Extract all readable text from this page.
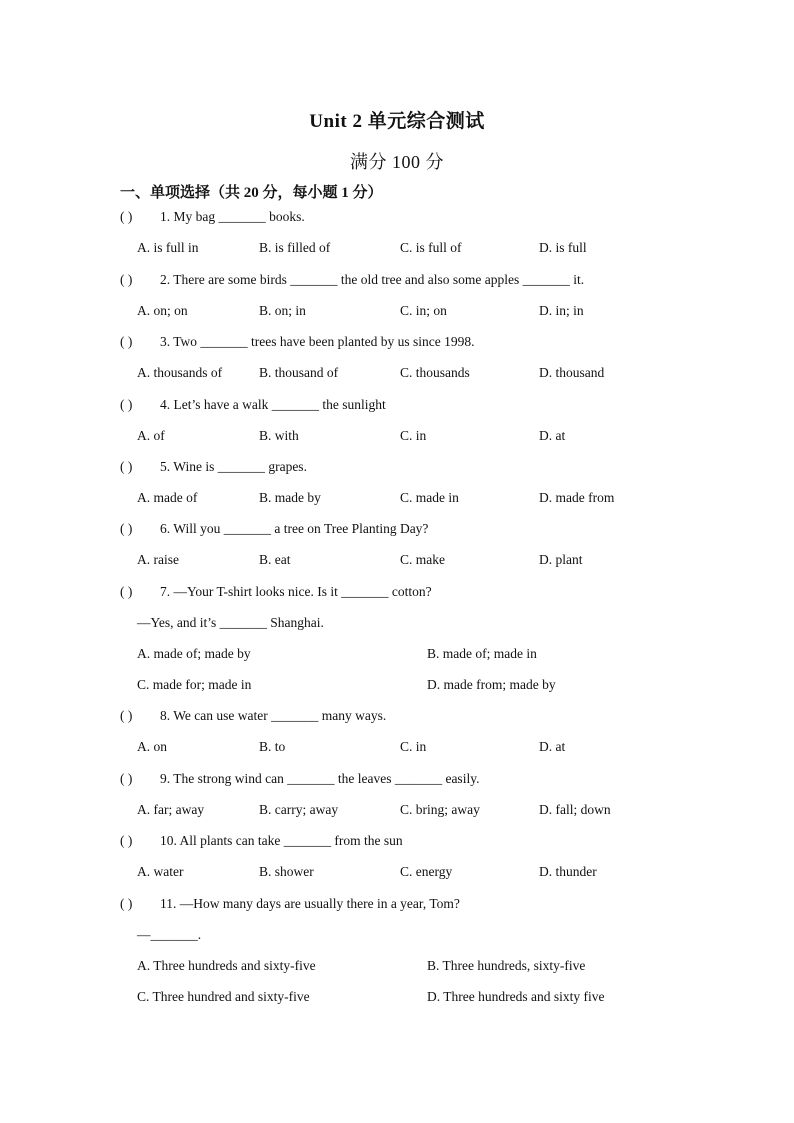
Unit 2 单元综合测试
满分 100 分
一、单项选择（共 20 分，每小题 1 分）
( ) 1. My bag _______ books.
A. is full in	B. is filled of	C. is full of	D. is full
( ) 2. There are some birds _______ the old tree and also some apples _______ it.
A. on; on	B. on; in	C. in; on	D. in; in
( ) 3. Two _______ trees have been planted by us since 1998.
A. thousands of	B. thousand of	C. thousands	D. thousand
( ) 4. Let’s have a walk _______ the sunlight
A. of	B. with	C. in	D. at
( ) 5. Wine is _______ grapes.
A. made of	B. made by	C. made in	D. made from
( ) 6. Will you _______ a tree on Tree Planting Day?
A. raise	B. eat	C. make	D. plant
( ) 7. —Your T-shirt looks nice. Is it _______ cotton?
—Yes, and it’s _______ Shanghai.
A. made of; made by	B. made of; made in
C. made for; made in	D. made from; made by
( ) 8. We can use water _______ many ways.
A. on	B. to	C. in	D. at
( ) 9. The strong wind can _______ the leaves _______ easily.
A. far; away	B. carry; away	C. bring; away	D. fall; down
( ) 10. All plants can take _______ from the sun
A. water	B. shower	C. energy	D. thunder
( ) 11. —How many days are usually there in a year, Tom?
—_______.
A. Three hundreds and sixty-five	B. Three hundreds, sixty-five
C. Three hundred and sixty-five	D. Three hundreds and sixty five
